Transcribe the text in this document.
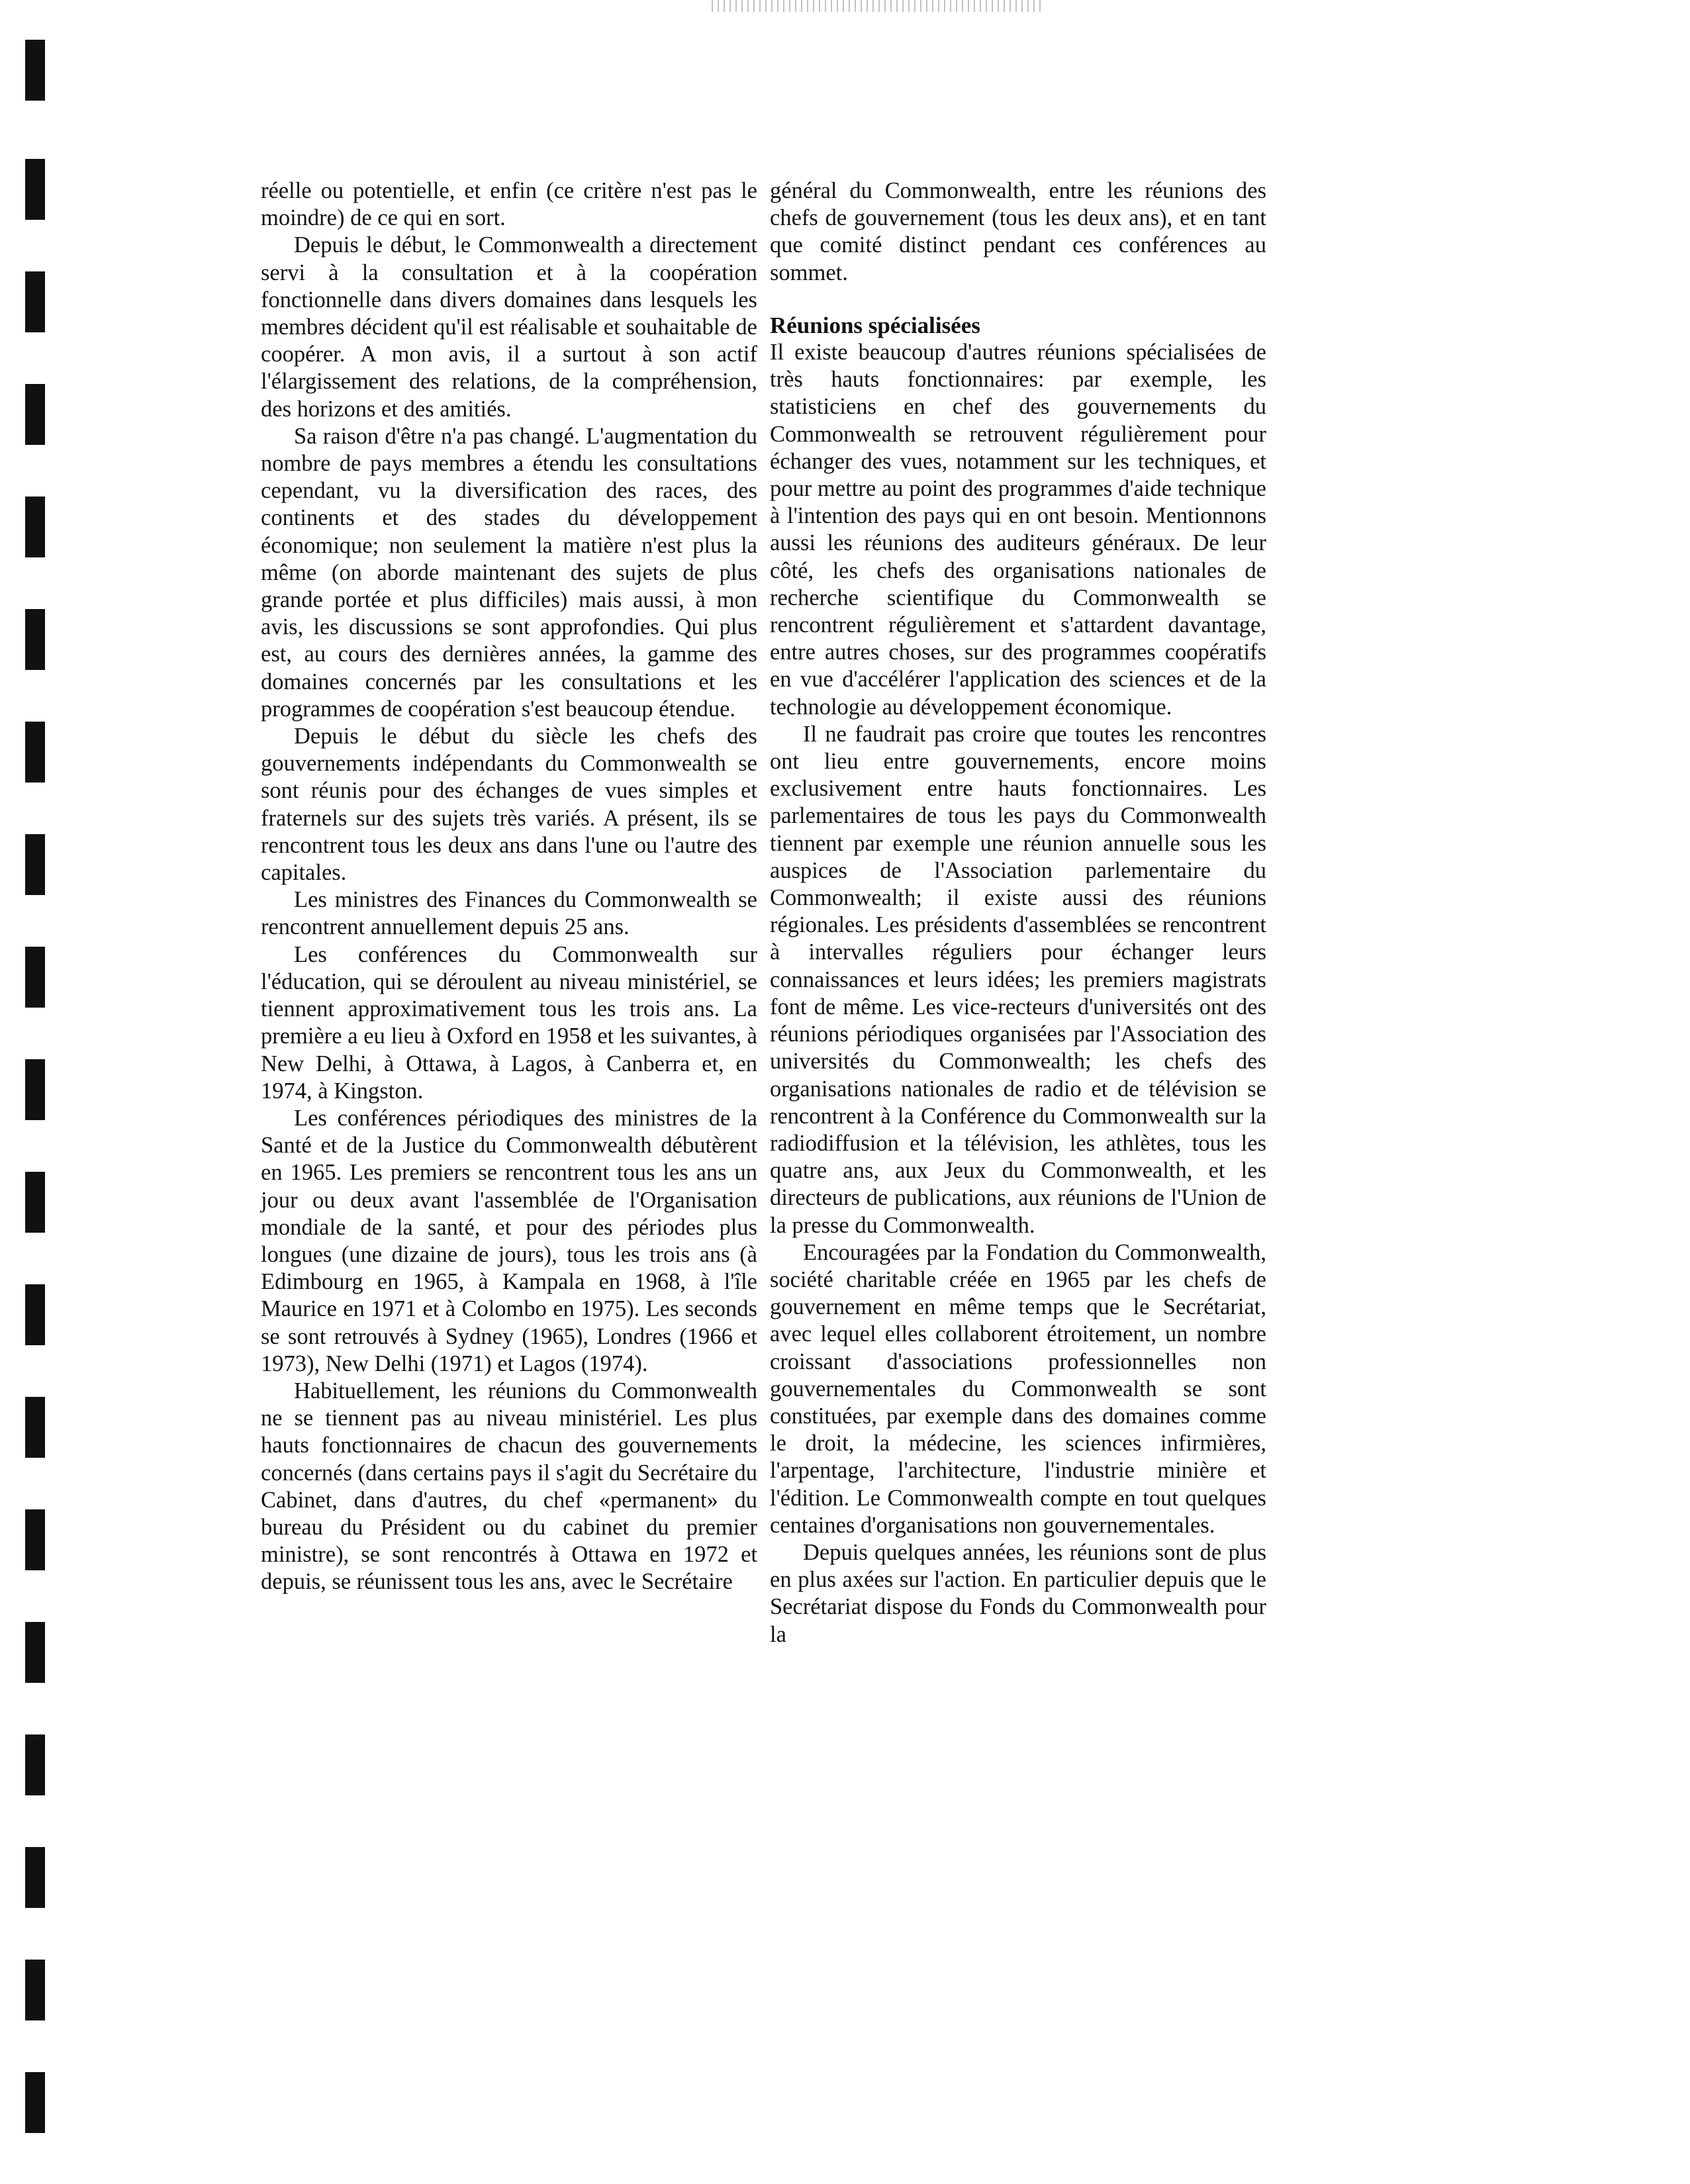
réelle ou potentielle, et enfin (ce critère n'est pas le moindre) de ce qui en sort.

Depuis le début, le Commonwealth a directement servi à la consultation et à la coopération fonctionnelle dans divers domaines dans lesquels les membres décident qu'il est réalisable et souhaitable de coopérer. A mon avis, il a surtout à son actif l'élargissement des relations, de la compréhension, des horizons et des amitiés.

Sa raison d'être n'a pas changé. L'augmentation du nombre de pays membres a étendu les consultations cependant, vu la diversification des races, des continents et des stades du développement économique; non seulement la matière n'est plus la même (on aborde maintenant des sujets de plus grande portée et plus difficiles) mais aussi, à mon avis, les discussions se sont approfondies. Qui plus est, au cours des dernières années, la gamme des domaines concernés par les consultations et les programmes de coopération s'est beaucoup étendue.

Depuis le début du siècle les chefs des gouvernements indépendants du Commonwealth se sont réunis pour des échanges de vues simples et fraternels sur des sujets très variés. A présent, ils se rencontrent tous les deux ans dans l'une ou l'autre des capitales.

Les ministres des Finances du Commonwealth se rencontrent annuellement depuis 25 ans.

Les conférences du Commonwealth sur l'éducation, qui se déroulent au niveau ministériel, se tiennent approximativement tous les trois ans. La première a eu lieu à Oxford en 1958 et les suivantes, à New Delhi, à Ottawa, à Lagos, à Canberra et, en 1974, à Kingston.

Les conférences périodiques des ministres de la Santé et de la Justice du Commonwealth débutèrent en 1965. Les premiers se rencontrent tous les ans un jour ou deux avant l'assemblée de l'Organisation mondiale de la santé, et pour des périodes plus longues (une dizaine de jours), tous les trois ans (à Edimbourg en 1965, à Kampala en 1968, à l'île Maurice en 1971 et à Colombo en 1975). Les seconds se sont retrouvés à Sydney (1965), Londres (1966 et 1973), New Delhi (1971) et Lagos (1974).

Habituellement, les réunions du Commonwealth ne se tiennent pas au niveau ministériel. Les plus hauts fonctionnaires de chacun des gouvernements concernés (dans certains pays il s'agit du Secrétaire du Cabinet, dans d'autres, du chef «permanent» du bureau du Président ou du cabinet du premier ministre), se sont rencontrés à Ottawa en 1972 et depuis, se réunissent tous les ans, avec le Secrétaire

général du Commonwealth, entre les réunions des chefs de gouvernement (tous les deux ans), et en tant que comité distinct pendant ces conférences au sommet.

Réunions spécialisées

Il existe beaucoup d'autres réunions spécialisées de très hauts fonctionnaires: par exemple, les statisticiens en chef des gouvernements du Commonwealth se retrouvent régulièrement pour échanger des vues, notamment sur les techniques, et pour mettre au point des programmes d'aide technique à l'intention des pays qui en ont besoin. Mentionnons aussi les réunions des auditeurs généraux. De leur côté, les chefs des organisations nationales de recherche scientifique du Commonwealth se rencontrent régulièrement et s'attardent davantage, entre autres choses, sur des programmes coopératifs en vue d'accélérer l'application des sciences et de la technologie au développement économique.

Il ne faudrait pas croire que toutes les rencontres ont lieu entre gouvernements, encore moins exclusivement entre hauts fonctionnaires. Les parlementaires de tous les pays du Commonwealth tiennent par exemple une réunion annuelle sous les auspices de l'Association parlementaire du Commonwealth; il existe aussi des réunions régionales. Les présidents d'assemblées se rencontrent à intervalles réguliers pour échanger leurs connaissances et leurs idées; les premiers magistrats font de même. Les vice-recteurs d'universités ont des réunions périodiques organisées par l'Association des universités du Commonwealth; les chefs des organisations nationales de radio et de télévision se rencontrent à la Conférence du Commonwealth sur la radiodiffusion et la télévision, les athlètes, tous les quatre ans, aux Jeux du Commonwealth, et les directeurs de publications, aux réunions de l'Union de la presse du Commonwealth.

Encouragées par la Fondation du Commonwealth, société charitable créée en 1965 par les chefs de gouvernement en même temps que le Secrétariat, avec lequel elles collaborent étroitement, un nombre croissant d'associations professionnelles non gouvernementales du Commonwealth se sont constituées, par exemple dans des domaines comme le droit, la médecine, les sciences infirmières, l'arpentage, l'architecture, l'industrie minière et l'édition. Le Commonwealth compte en tout quelques centaines d'organisations non gouvernementales.

Depuis quelques années, les réunions sont de plus en plus axées sur l'action. En particulier depuis que le Secrétariat dispose du Fonds du Commonwealth pour la
